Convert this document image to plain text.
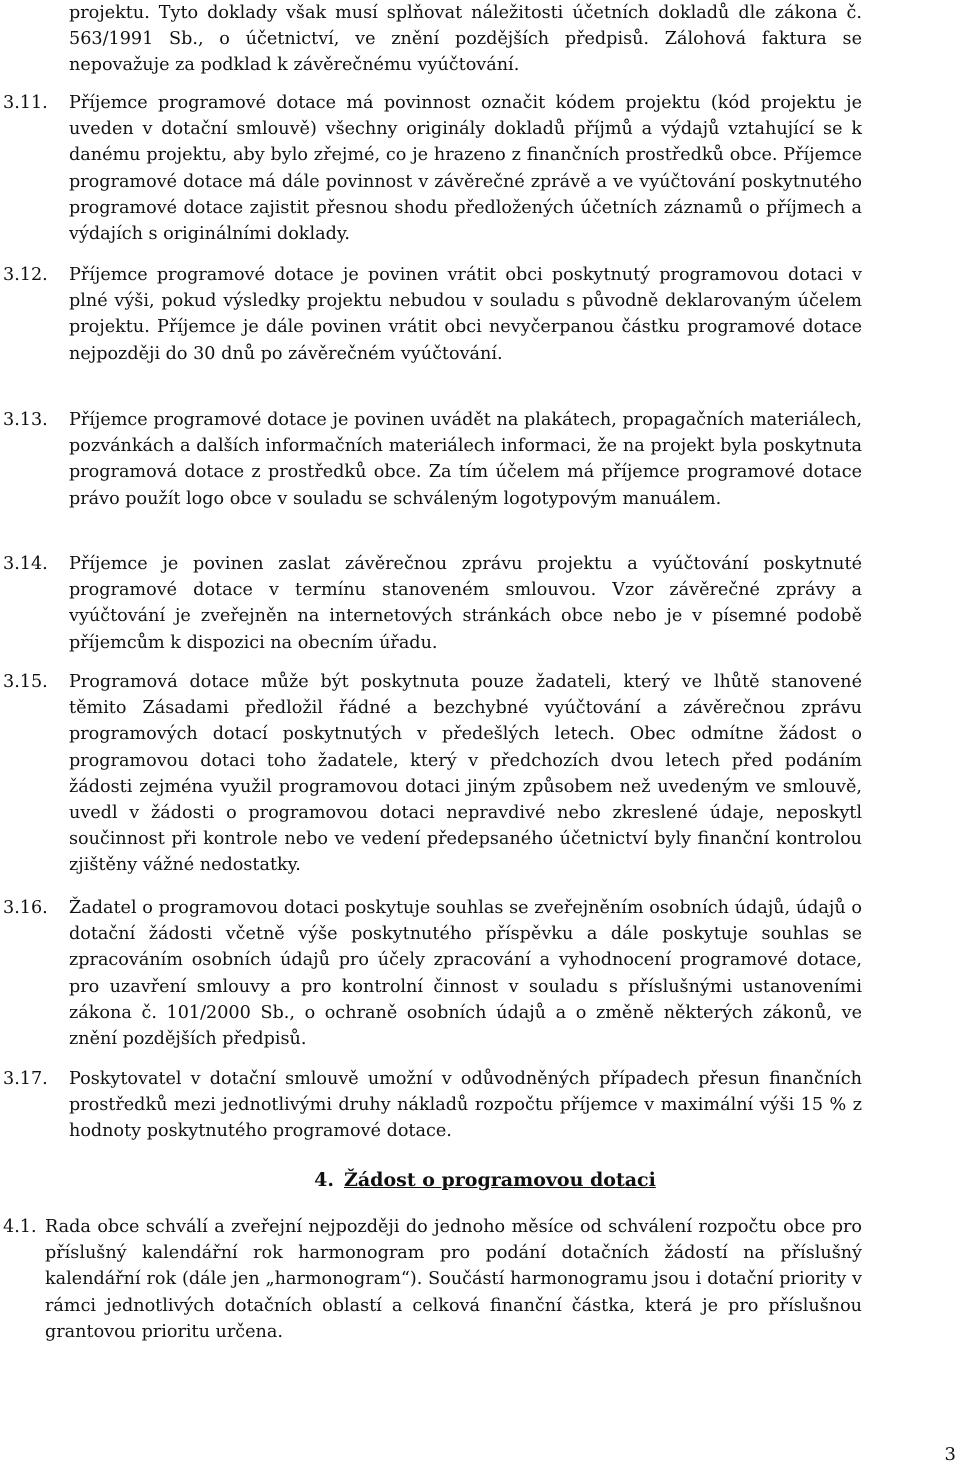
projektu. Tyto doklady však musí splňovat náležitosti účetních dokladů dle zákona č. 563/1991 Sb., o účetnictví, ve znění pozdějších předpisů. Zálohová faktura se nepovažuje za podklad k závěrečnému vyúčtování.
3.11. Příjemce programové dotace má povinnost označit kódem projektu (kód projektu je uveden v dotační smlouvě) všechny originály dokladů příjmů a výdajů vztahující se k danému projektu, aby bylo zřejmé, co je hrazeno z finančních prostředků obce. Příjemce programové dotace má dále povinnost v závěrečné zprávě a ve vyúčtování poskytnutého programové dotace zajistit přesnou shodu předložených účetních záznamů o příjmech a výdajích s originálními doklady.
3.12. Příjemce programové dotace je povinen vrátit obci poskytnutý programovou dotaci v plné výši, pokud výsledky projektu nebudou v souladu s původně deklarovaným účelem projektu. Příjemce je dále povinen vrátit obci nevyčerpanou částku programové dotace nejpozději do 30 dnů po závěrečném vyúčtování.
3.13. Příjemce programové dotace je povinen uvádět na plakátech, propagačních materiálech, pozvánkách a dalších informačních materiálech informaci, že na projekt byla poskytnuta programová dotace z prostředků obce. Za tím účelem má příjemce programové dotace právo použít logo obce v souladu se schváleným logotypovým manuálem.
3.14. Příjemce je povinen zaslat závěrečnou zprávu projektu a vyúčtování poskytnuté programové dotace v termínu stanoveném smlouvou. Vzor závěrečné zprávy a vyúčtování je zveřejněn na internetových stránkách obce nebo je v písemné podobě příjemcům k dispozici na obecním úřadu.
3.15. Programová dotace může být poskytnuta pouze žadateli, který ve lhůtě stanovené těmito Zásadami předložil řádné a bezchybné vyúčtování a závěrečnou zprávu programových dotací poskytnutých v předešlých letech. Obec odmítne žádost o programovou dotaci toho žadatele, který v předchozích dvou letech před podáním žádosti zejména využil programovou dotaci jiným způsobem než uvedeným ve smlouvě, uvedl v žádosti o programovou dotaci nepravdivé nebo zkreslené údaje, neposkytl součinnost při kontrole nebo ve vedení předepsaného účetnictví byly finanční kontrolou zjištěny vážné nedostatky.
3.16. Žadatel o programovou dotaci poskytuje souhlas se zveřejněním osobních údajů, údajů o dotační žádosti včetně výše poskytnutého příspěvku a dále poskytuje souhlas se zpracováním osobních údajů pro účely zpracování a vyhodnocení programové dotace, pro uzavření smlouvy a pro kontrolní činnost v souladu s příslušnými ustanoveními zákona č. 101/2000 Sb., o ochraně osobních údajů a o změně některých zákonů, ve znění pozdějších předpisů.
3.17. Poskytovatel v dotační smlouvě umožní v odůvodněných případech přesun finančních prostředků mezi jednotlivými druhy nákladů rozpočtu příjemce v maximální výši 15 % z hodnoty poskytnutého programové dotace.
4. Žádost o programovou dotaci
4.1. Rada obce schválí a zveřejní nejpozději do jednoho měsíce od schválení rozpočtu obce pro příslušný kalendářní rok harmonogram pro podání dotačních žádostí na příslušný kalendářní rok (dále jen „harmonogram“). Součástí harmonogramu jsou i dotační priority v rámci jednotlivých dotačních oblastí a celková finanční částka, která je pro příslušnou grantovou prioritu určena.
3
